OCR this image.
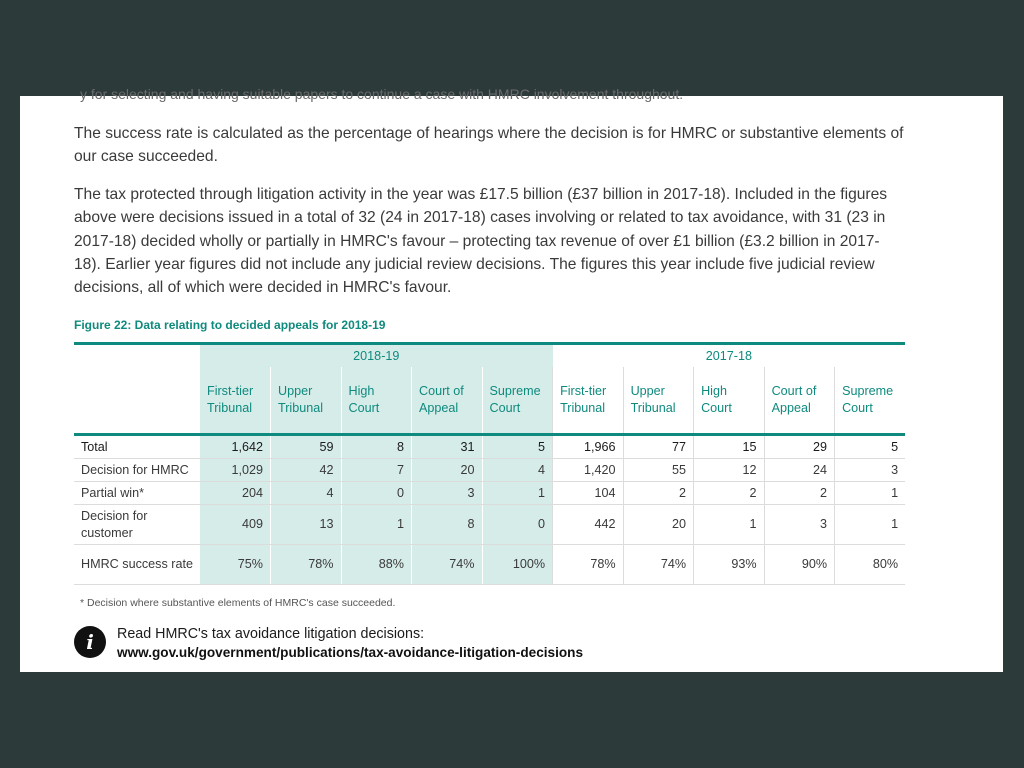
y for selecting and having suitable papers to continue a case with HMRC involvement throughout.
The success rate is calculated as the percentage of hearings where the decision is for HMRC or substantive elements of our case succeeded.
The tax protected through litigation activity in the year was £17.5 billion (£37 billion in 2017-18). Included in the figures above were decisions issued in a total of 32 (24 in 2017-18) cases involving or related to tax avoidance, with 31 (23 in 2017-18) decided wholly or partially in HMRC's favour – protecting tax revenue of over £1 billion (£3.2 billion in 2017-18). Earlier year figures did not include any judicial review decisions. The figures this year include five judicial review decisions, all of which were decided in HMRC's favour.
Figure 22: Data relating to decided appeals for 2018-19
	2018-19					2017-18				
	First-tier Tribunal	Upper Tribunal	High Court	Court of Appeal	Supreme Court	First-tier Tribunal	Upper Tribunal	High Court	Court of Appeal	Supreme Court
Total	1,642	59	8	31	5	1,966	77	15	29	5
Decision for HMRC	1,029	42	7	20	4	1,420	55	12	24	3
Partial win*	204	4	0	3	1	104	2	2	2	1
Decision for customer	409	13	1	8	0	442	20	1	3	1
HMRC success rate	75%	78%	88%	74%	100%	78%	74%	93%	90%	80%
* Decision where substantive elements of HMRC's case succeeded.
i	Read HMRC's tax avoidance litigation decisions:
www.gov.uk/government/publications/tax-avoidance-litigation-decisions
